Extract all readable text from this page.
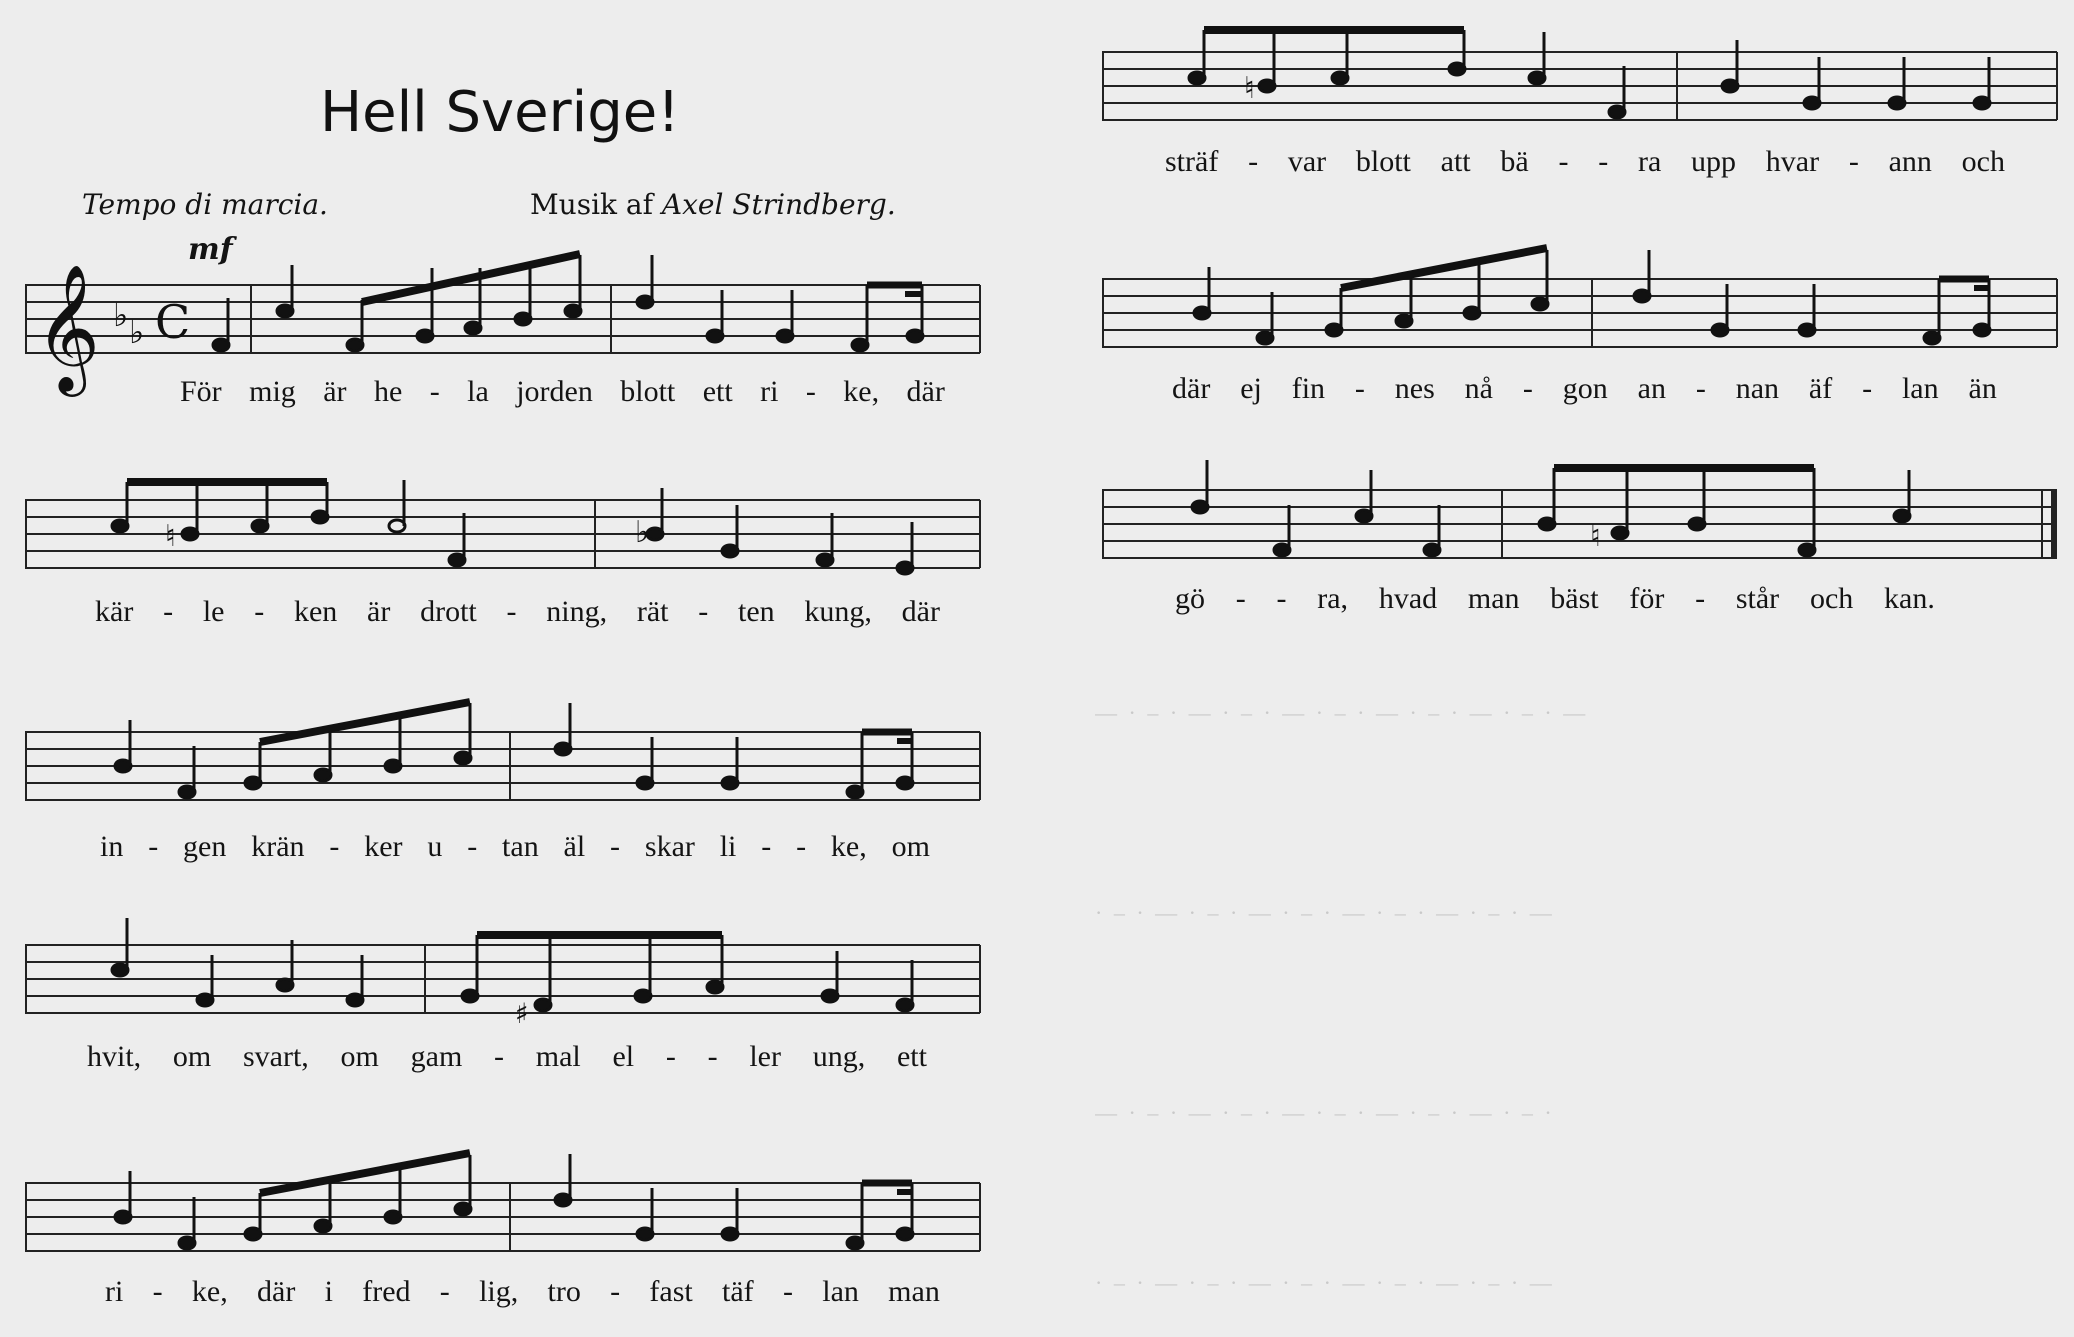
— · ‒ · — · ‒ · — · ‒ · — · ‒ · — · ‒ · —
· ‒ · — · ‒ · — · ‒ · — · ‒ · — · ‒ · —
— · ‒ · — · ‒ · — · ‒ · — · ‒ · — · ‒ ·
· ‒ · — · ‒ · — · ‒ · — · ‒ · — · ‒ · —
Hell Sverige!
Tempo di marcia.	Musik af Axel Strindberg.
mf
𝄞 ♭ ♭ C
För mig är he - la jorden blott ett ri - ke, där
♮	♭
kär - le - ken är drott - ning, rät - ten kung, där
in - gen krän - ker u - tan äl - skar li - - ke, om
♯
hvit, om svart, om gam - mal el - - ler ung, ett
ri - ke, där i fred - lig, tro - fast täf - lan man
♮
sträf - var blott att bä - - ra upp hvar - ann och
där ej fin - nes nå - gon an - nan äf - lan än
♮
gö - - ra, hvad man bäst för - står och kan.
